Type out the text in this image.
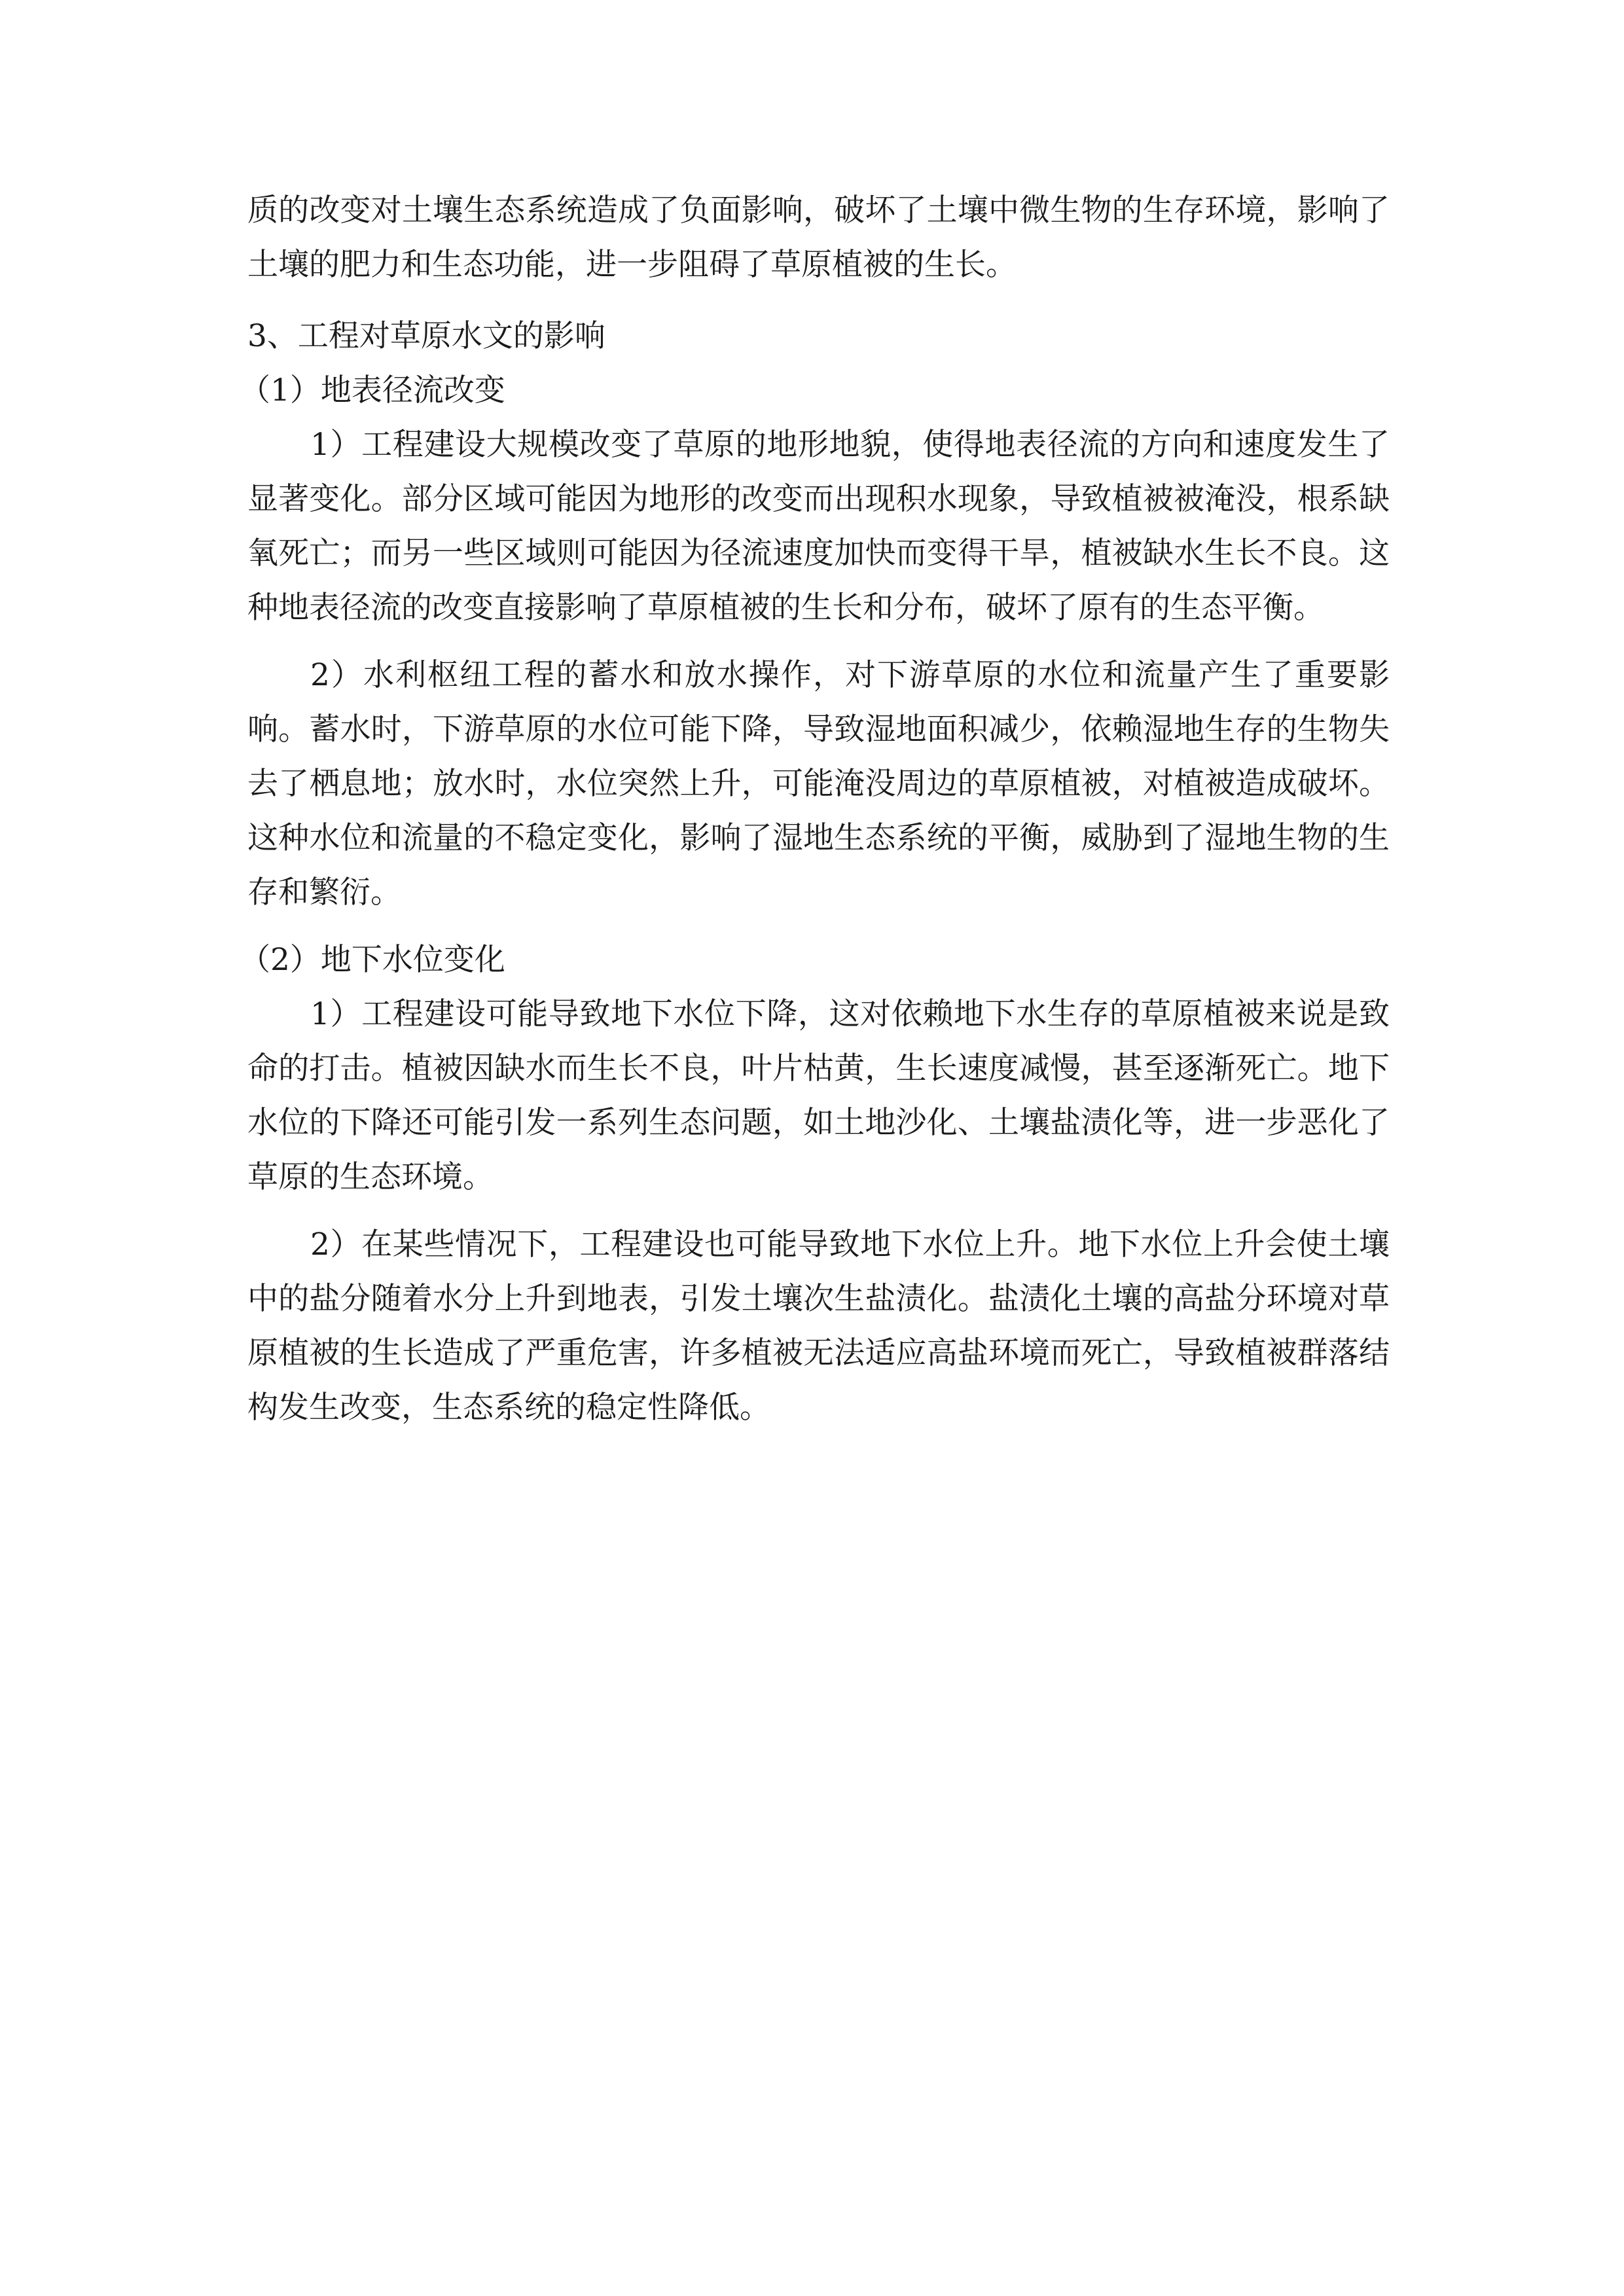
质的改变对土壤生态系统造成了负面影响，破坏了土壤中微生物的生存环境，影响了土壤的肥力和生态功能，进一步阻碍了草原植被的生长。

3、工程对草原水文的影响

（1）地表径流改变

1）工程建设大规模改变了草原的地形地貌，使得地表径流的方向和速度发生了显著变化。部分区域可能因为地形的改变而出现积水现象，导致植被被淹没，根系缺氧死亡；而另一些区域则可能因为径流速度加快而变得干旱，植被缺水生长不良。这种地表径流的改变直接影响了草原植被的生长和分布，破坏了原有的生态平衡。

2）水利枢纽工程的蓄水和放水操作，对下游草原的水位和流量产生了重要影响。蓄水时，下游草原的水位可能下降，导致湿地面积减少，依赖湿地生存的生物失去了栖息地；放水时，水位突然上升，可能淹没周边的草原植被，对植被造成破坏。这种水位和流量的不稳定变化，影响了湿地生态系统的平衡，威胁到了湿地生物的生存和繁衍。

（2）地下水位变化

1）工程建设可能导致地下水位下降，这对依赖地下水生存的草原植被来说是致命的打击。植被因缺水而生长不良，叶片枯黄，生长速度减慢，甚至逐渐死亡。地下水位的下降还可能引发一系列生态问题，如土地沙化、土壤盐渍化等，进一步恶化了草原的生态环境。

2）在某些情况下，工程建设也可能导致地下水位上升。地下水位上升会使土壤中的盐分随着水分上升到地表，引发土壤次生盐渍化。盐渍化土壤的高盐分环境对草原植被的生长造成了严重危害，许多植被无法适应高盐环境而死亡，导致植被群落结构发生改变，生态系统的稳定性降低。
